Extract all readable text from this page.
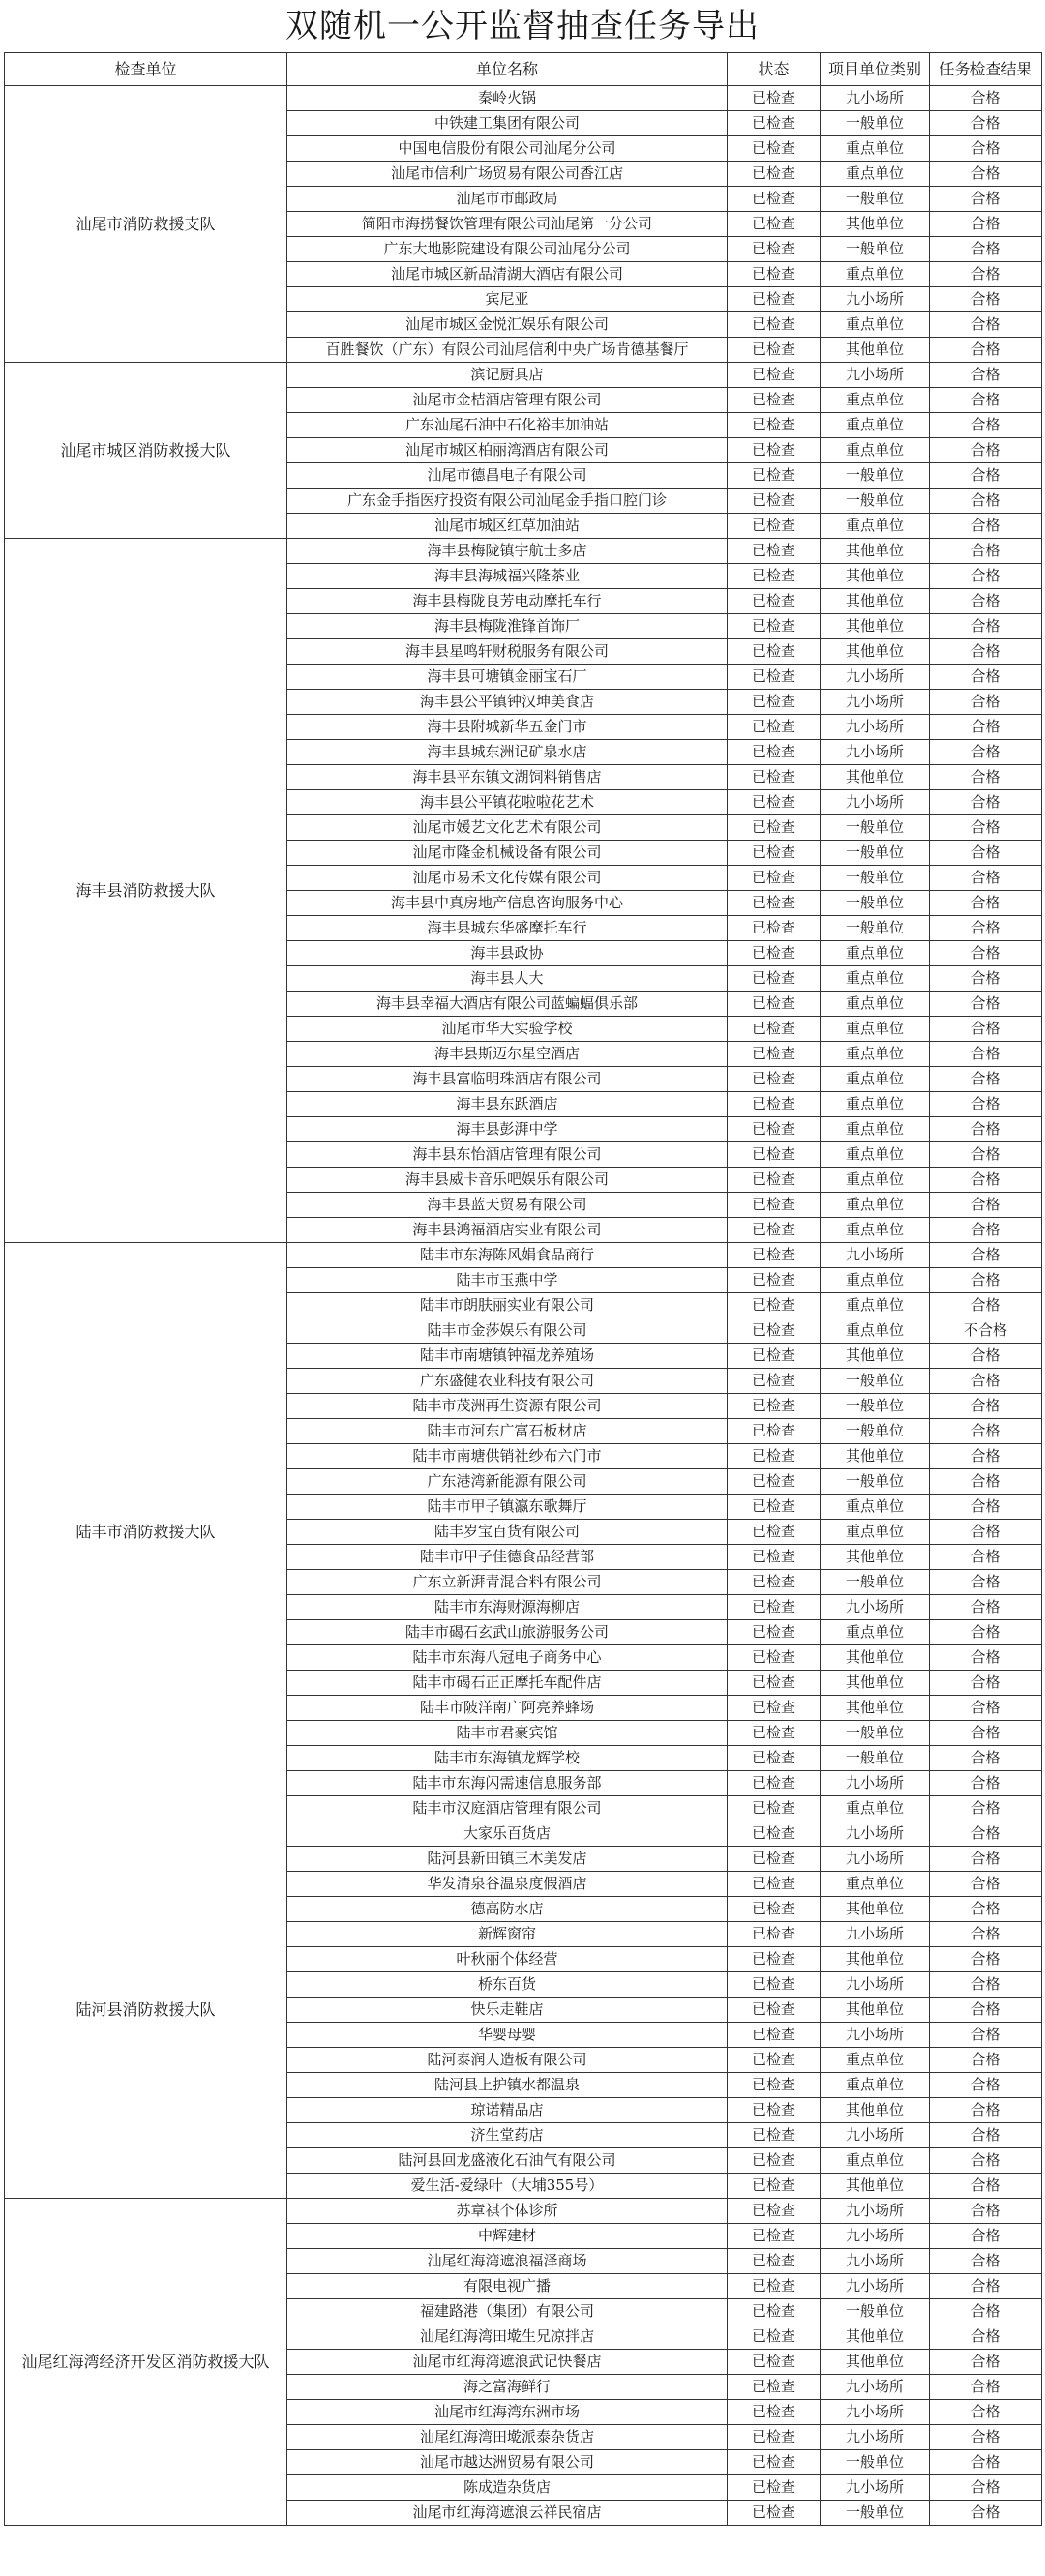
双随机一公开监督抽查任务导出
检查单位	单位名称	状态	项目单位类别	任务检查结果
汕尾市消防救援支队	秦岭火锅	已检查	九小场所	合格
	中铁建工集团有限公司	已检查	一般单位	合格
	中国电信股份有限公司汕尾分公司	已检查	重点单位	合格
	汕尾市信利广场贸易有限公司香江店	已检查	重点单位	合格
	汕尾市市邮政局	已检查	一般单位	合格
	简阳市海捞餐饮管理有限公司汕尾第一分公司	已检查	其他单位	合格
	广东大地影院建设有限公司汕尾分公司	已检查	一般单位	合格
	汕尾市城区新品清湖大酒店有限公司	已检查	重点单位	合格
	宾尼亚	已检查	九小场所	合格
	汕尾市城区金悦汇娱乐有限公司	已检查	重点单位	合格
	百胜餐饮（广东）有限公司汕尾信利中央广场肯德基餐厅	已检查	其他单位	合格
汕尾市城区消防救援大队	滨记厨具店	已检查	九小场所	合格
	汕尾市金桔酒店管理有限公司	已检查	重点单位	合格
	广东汕尾石油中石化裕丰加油站	已检查	重点单位	合格
	汕尾市城区柏丽湾酒店有限公司	已检查	重点单位	合格
	汕尾市德昌电子有限公司	已检查	一般单位	合格
	广东金手指医疗投资有限公司汕尾金手指口腔门诊	已检查	一般单位	合格
	汕尾市城区红草加油站	已检查	重点单位	合格
海丰县消防救援大队	海丰县梅陇镇宇航士多店	已检查	其他单位	合格
	海丰县海城福兴隆茶业	已检查	其他单位	合格
	海丰县梅陇良芳电动摩托车行	已检查	其他单位	合格
	海丰县梅陇淮锋首饰厂	已检查	其他单位	合格
	海丰县星鸣轩财税服务有限公司	已检查	其他单位	合格
	海丰县可塘镇金丽宝石厂	已检查	九小场所	合格
	海丰县公平镇钟汉坤美食店	已检查	九小场所	合格
	海丰县附城新华五金门市	已检查	九小场所	合格
	海丰县城东洲记矿泉水店	已检查	九小场所	合格
	海丰县平东镇文湖饲料销售店	已检查	其他单位	合格
	海丰县公平镇花啦啦花艺术	已检查	九小场所	合格
	汕尾市媛艺文化艺术有限公司	已检查	一般单位	合格
	汕尾市隆金机械设备有限公司	已检查	一般单位	合格
	汕尾市易禾文化传媒有限公司	已检查	一般单位	合格
	海丰县中真房地产信息咨询服务中心	已检查	一般单位	合格
	海丰县城东华盛摩托车行	已检查	一般单位	合格
	海丰县政协	已检查	重点单位	合格
	海丰县人大	已检查	重点单位	合格
	海丰县幸福大酒店有限公司蓝蝙蝠俱乐部	已检查	重点单位	合格
	汕尾市华大实验学校	已检查	重点单位	合格
	海丰县斯迈尔星空酒店	已检查	重点单位	合格
	海丰县富临明珠酒店有限公司	已检查	重点单位	合格
	海丰县东跃酒店	已检查	重点单位	合格
	海丰县彭湃中学	已检查	重点单位	合格
	海丰县东怡酒店管理有限公司	已检查	重点单位	合格
	海丰县威卡音乐吧娱乐有限公司	已检查	重点单位	合格
	海丰县蓝天贸易有限公司	已检查	重点单位	合格
	海丰县鸿福酒店实业有限公司	已检查	重点单位	合格
陆丰市消防救援大队	陆丰市东海陈风娟食品商行	已检查	九小场所	合格
	陆丰市玉燕中学	已检查	重点单位	合格
	陆丰市朗肤丽实业有限公司	已检查	重点单位	合格
	陆丰市金莎娱乐有限公司	已检查	重点单位	不合格
	陆丰市南塘镇钟福龙养殖场	已检查	其他单位	合格
	广东盛健农业科技有限公司	已检查	一般单位	合格
	陆丰市茂洲再生资源有限公司	已检查	一般单位	合格
	陆丰市河东广富石板材店	已检查	一般单位	合格
	陆丰市南塘供销社纱布六门市	已检查	其他单位	合格
	广东港湾新能源有限公司	已检查	一般单位	合格
	陆丰市甲子镇瀛东歌舞厅	已检查	重点单位	合格
	陆丰岁宝百货有限公司	已检查	重点单位	合格
	陆丰市甲子佳德食品经营部	已检查	其他单位	合格
	广东立新湃青混合料有限公司	已检查	一般单位	合格
	陆丰市东海财源海柳店	已检查	九小场所	合格
	陆丰市碣石玄武山旅游服务公司	已检查	重点单位	合格
	陆丰市东海八冠电子商务中心	已检查	其他单位	合格
	陆丰市碣石正正摩托车配件店	已检查	其他单位	合格
	陆丰市陂洋南广阿亮养蜂场	已检查	其他单位	合格
	陆丰市君豪宾馆	已检查	一般单位	合格
	陆丰市东海镇龙辉学校	已检查	一般单位	合格
	陆丰市东海闪需速信息服务部	已检查	九小场所	合格
	陆丰市汉庭酒店管理有限公司	已检查	重点单位	合格
陆河县消防救援大队	大家乐百货店	已检查	九小场所	合格
	陆河县新田镇三木美发店	已检查	九小场所	合格
	华发清泉谷温泉度假酒店	已检查	重点单位	合格
	德高防水店	已检查	其他单位	合格
	新辉窗帘	已检查	九小场所	合格
	叶秋丽个体经营	已检查	其他单位	合格
	桥东百货	已检查	九小场所	合格
	快乐走鞋店	已检查	其他单位	合格
	华婴母婴	已检查	九小场所	合格
	陆河泰润人造板有限公司	已检查	重点单位	合格
	陆河县上护镇水都温泉	已检查	重点单位	合格
	琼诺精品店	已检查	其他单位	合格
	济生堂药店	已检查	九小场所	合格
	陆河县回龙盛液化石油气有限公司	已检查	重点单位	合格
	爱生活-爱绿叶（大埔355号）	已检查	其他单位	合格
汕尾红海湾经济开发区消防救援大队	苏章祺个体诊所	已检查	九小场所	合格
	中辉建材	已检查	九小场所	合格
	汕尾红海湾遮浪福泽商场	已检查	九小场所	合格
	有限电视广播	已检查	九小场所	合格
	福建路港（集团）有限公司	已检查	一般单位	合格
	汕尾红海湾田墘生兄凉拌店	已检查	其他单位	合格
	汕尾市红海湾遮浪武记快餐店	已检查	其他单位	合格
	海之富海鲜行	已检查	九小场所	合格
	汕尾市红海湾东洲市场	已检查	九小场所	合格
	汕尾红海湾田墘派泰杂货店	已检查	九小场所	合格
	汕尾市越达洲贸易有限公司	已检查	一般单位	合格
	陈成造杂货店	已检查	九小场所	合格
	汕尾市红海湾遮浪云祥民宿店	已检查	一般单位	合格
